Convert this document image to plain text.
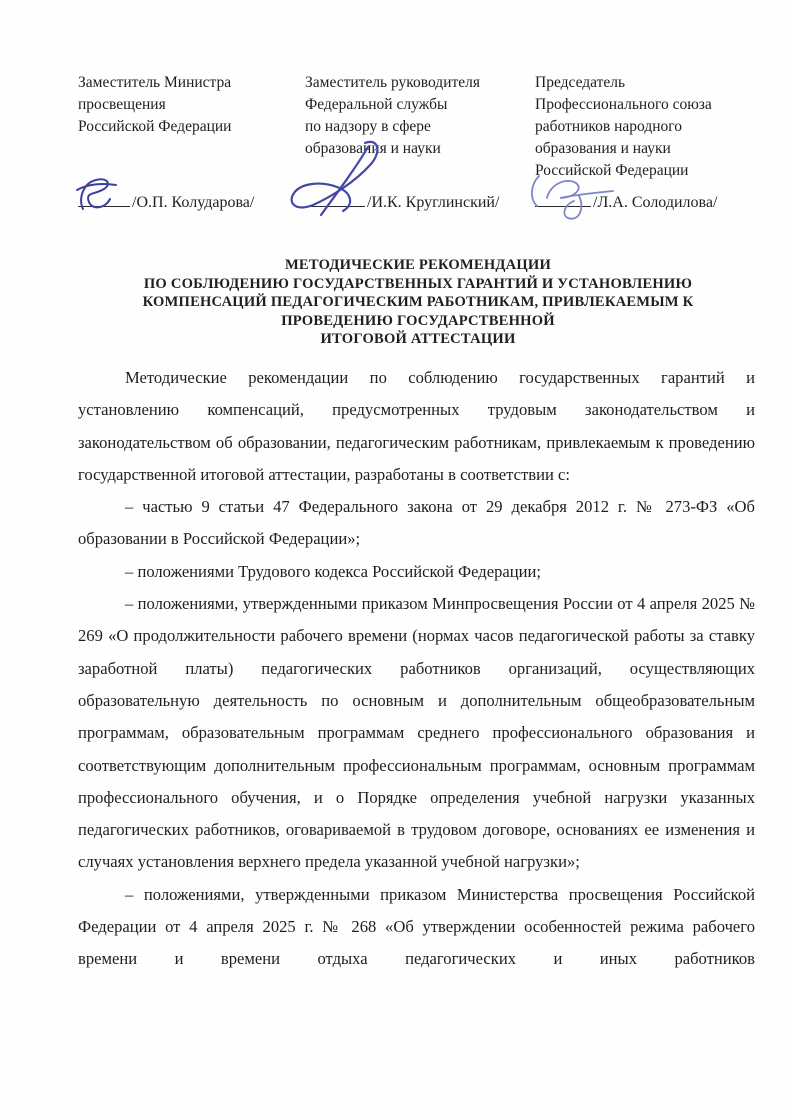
Заместитель Министра
просвещения
Российской Федерации
/О.П. Колударова/
Заместитель руководителя
Федеральной службы
по надзору в сфере
образования и науки
/И.К. Круглинский/
Председатель
Профессионального союза
работников народного
образования и науки
Российской Федерации
/Л.А. Солодилова/
МЕТОДИЧЕСКИЕ РЕКОМЕНДАЦИИ
ПО СОБЛЮДЕНИЮ ГОСУДАРСТВЕННЫХ ГАРАНТИЙ И УСТАНОВЛЕНИЮ
КОМПЕНСАЦИЙ ПЕДАГОГИЧЕСКИМ РАБОТНИКАМ, ПРИВЛЕКАЕМЫМ К
ПРОВЕДЕНИЮ ГОСУДАРСТВЕННОЙ
ИТОГОВОЙ АТТЕСТАЦИИ

Методические рекомендации по соблюдению государственных гарантий и установлению компенсаций, предусмотренных трудовым законодательством и законодательством об образовании, педагогическим работникам, привлекаемым к проведению государственной итоговой аттестации, разработаны в соответствии с:

– частью 9 статьи 47 Федерального закона от 29 декабря 2012 г. № 273-ФЗ «Об образовании в Российской Федерации»;

– положениями Трудового кодекса Российской Федерации;

– положениями, утвержденными приказом Минпросвещения России от 4 апреля 2025 № 269 «О продолжительности рабочего времени (нормах часов педагогической работы за ставку заработной платы) педагогических работников организаций, осуществляющих образовательную деятельность по основным и дополнительным общеобразовательным программам, образовательным программам среднего профессионального образования и соответствующим дополнительным профессиональным программам, основным программам профессионального обучения, и о Порядке определения учебной нагрузки указанных педагогических работников, оговариваемой в трудовом договоре, основаниях ее изменения и случаях установления верхнего предела указанной учебной нагрузки»;

– положениями, утвержденными приказом Министерства просвещения Российской Федерации от 4 апреля 2025 г. № 268 «Об утверждении особенностей режима рабочего времени и времени отдыха педагогических и иных работников
